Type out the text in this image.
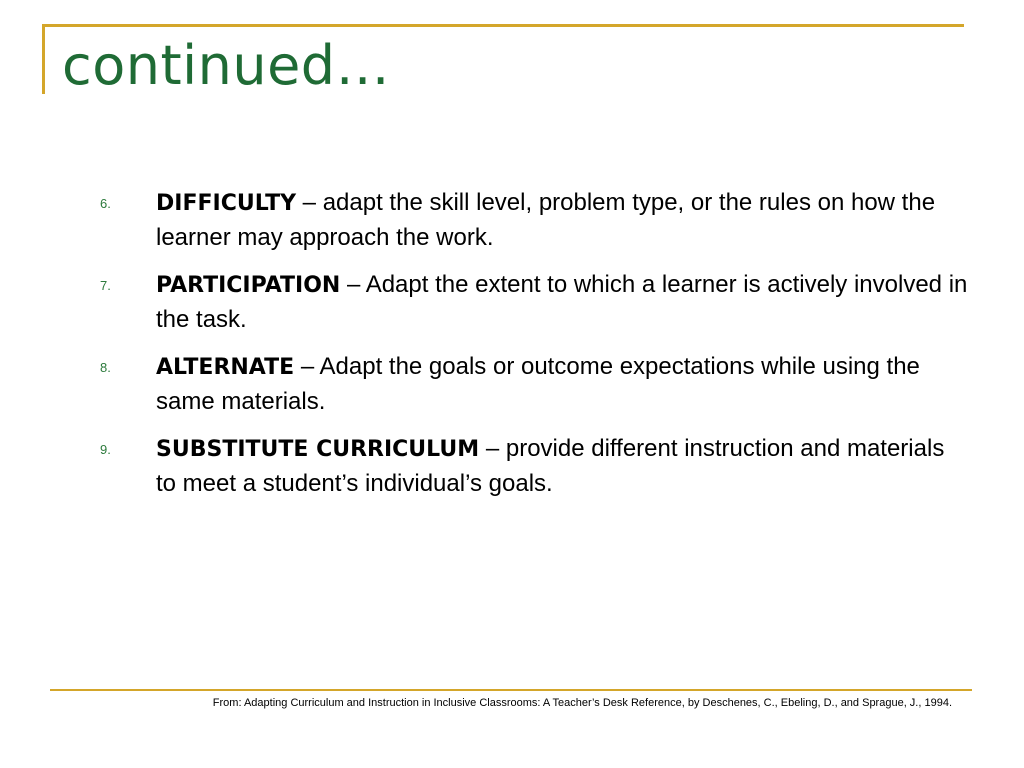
continued…
6.	DIFFICULTY – adapt the skill level, problem type, or the rules on how the learner may approach the work.
7.	PARTICIPATION – Adapt the extent to which a learner is actively involved in the task.
8.	ALTERNATE – Adapt the goals or outcome expectations while using the same materials.
9.	SUBSTITUTE CURRICULUM – provide different instruction and materials to meet a student’s individual’s goals.
From: Adapting Curriculum and Instruction in Inclusive Classrooms: A Teacher’s Desk Reference, by Deschenes, C., Ebeling, D., and Sprague, J., 1994.
